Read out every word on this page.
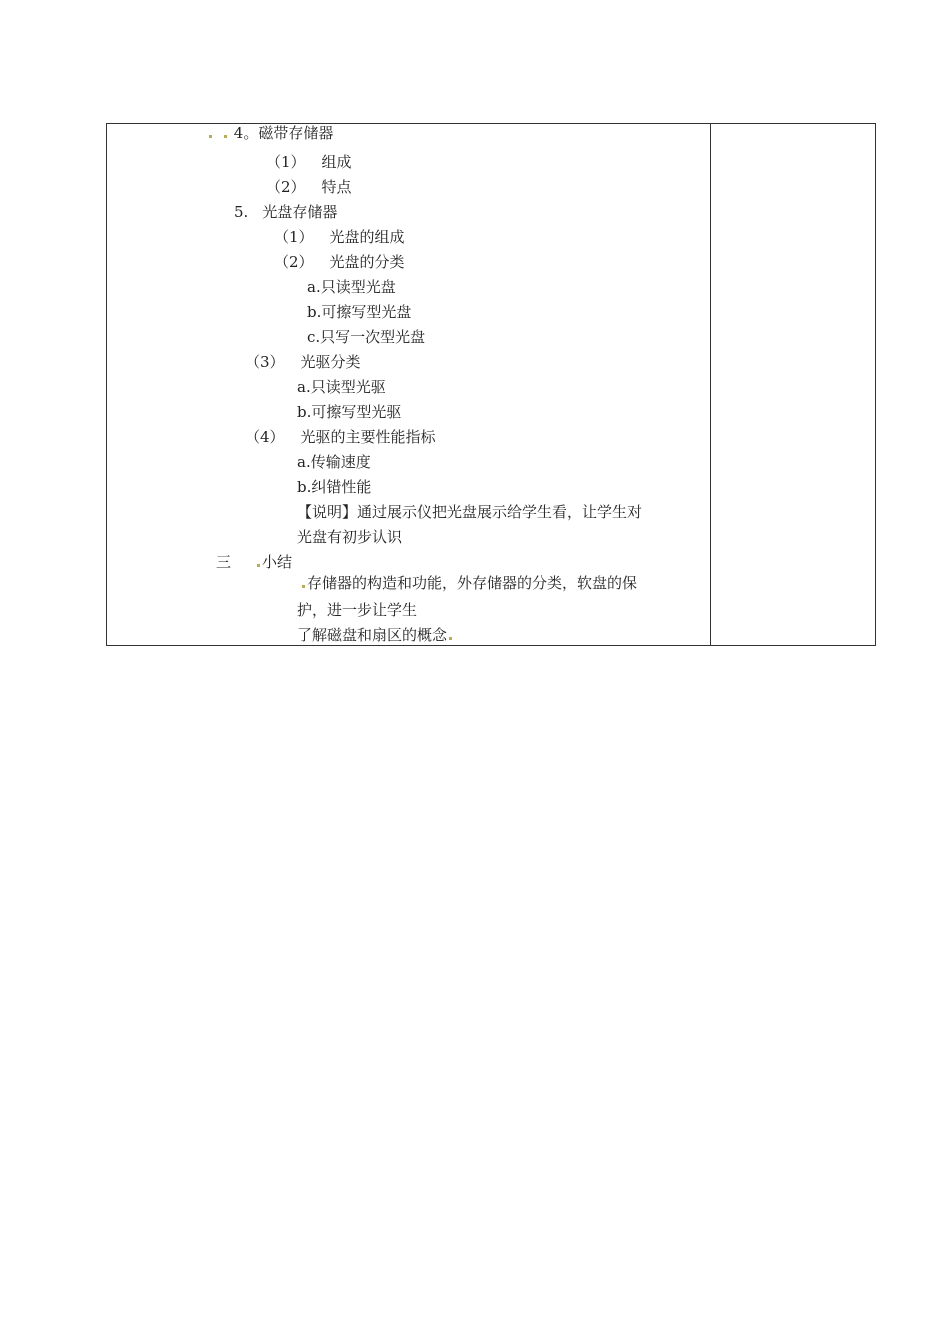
4。磁带存储器
（1） 组成
（2） 特点
5. 光盘存储器
（1） 光盘的组成
（2） 光盘的分类
a.只读型光盘
b.可擦写型光盘
c.只写一次型光盘
（3） 光驱分类
a.只读型光驱
b.可擦写型光驱
（4） 光驱的主要性能指标
a.传输速度
b.纠错性能
【说明】通过展示仪把光盘展示给学生看，让学生对
光盘有初步认识
三 小结
存储器的构造和功能，外存储器的分类，软盘的保
护，进一步让学生
了解磁盘和扇区的概念
